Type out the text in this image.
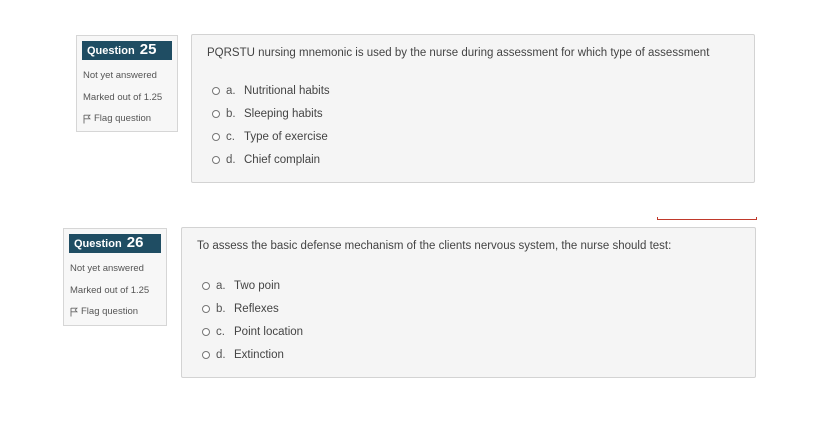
Question 25
Not yet answered
Marked out of 1.25
Flag question
PQRSTU nursing mnemonic is used by the nurse during assessment for which type of assessment
a. Nutritional habits
b. Sleeping habits
c. Type of exercise
d. Chief complain
Question 26
Not yet answered
Marked out of 1.25
Flag question
To assess the basic defense mechanism of the clients nervous system, the nurse should test:
a. Two poin
b. Reflexes
c. Point location
d. Extinction
